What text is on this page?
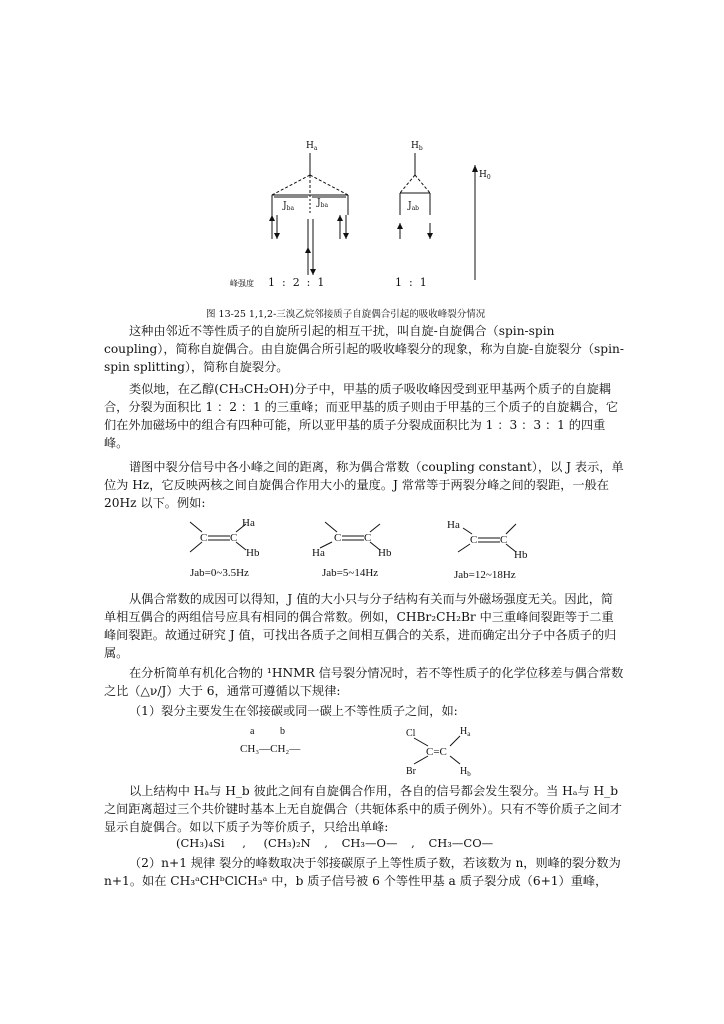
$H_a$	$H_b$
$H_0$
$J_{ba}$
$J_{ba}$	$J_{ab}$
峰强度 1  :  2  :  1	1  :  1
图 13-25 1,1,2-三溴乙烷邻接质子自旋偶合引起的吸收峰裂分情况
这种由邻近不等性质子的自旋所引起的相互干扰，叫自旋-自旋偶合（spin-spin coupling），简称自旋偶合。由自旋偶合所引起的吸收峰裂分的现象，称为自旋-自旋裂分（spin-spin splitting），简称自旋裂分。
类似地，在乙醇(CH₃CH₂OH)分子中，甲基的质子吸收峰因受到亚甲基两个质子的自旋耦合，分裂为面积比 1 ：2 ：1 的三重峰；而亚甲基的质子则由于甲基的三个质子的自旋耦合，它们在外加磁场中的组合有四种可能，所以亚甲基的质子分裂成面积比为 1 ：3 ：3 ：1 的四重峰。
谱图中裂分信号中各小峰之间的距离，称为偶合常数（coupling constant），以 J 表示，单位为 Hz，它反映两核之间自旋偶合作用大小的量度。J 常常等于两裂分峰之间的裂距，一般在 20Hz 以下。例如:
C C
Ha
Hb
Jab=0~3.5Hz
C C
Ha	Hb
Jab=5~14Hz
C C
Ha
Hb
Jab=12~18Hz
从偶合常数的成因可以得知，J 值的大小只与分子结构有关而与外磁场强度无关。因此，简单相互偶合的两组信号应具有相同的偶合常数。例如，CHBr₂CH₂Br 中三重峰间裂距等于二重峰间裂距。故通过研究 J 值，可找出各质子之间相互偶合的关系，进而确定出分子中各质子的归属。
在分析简单有机化合物的 ¹HNMR 信号裂分情况时，若不等性质子的化学位移差与偶合常数之比（△ν/J）大于 6，通常可遵循以下规律:
（1）裂分主要发生在邻接碳或同一碳上不等性质子之间，如:
a	b
CH₃—CH₂—
Cl
Br
C=C
$H_a$
$H_b$
以上结构中 Hₐ与 H_b 彼此之间有自旋偶合作用，各自的信号都会发生裂分。当 Hₐ与 H_b 之间距离超过三个共价键时基本上无自旋偶合（共轭体系中的质子例外）。只有不等价质子之间才显示自旋偶合。如以下质子为等价质子，只给出单峰:
(CH₃)₄Si , (CH₃)₂N , CH₃—O— , CH₃—CO—
（2）n+1 规律 裂分的峰数取决于邻接碳原子上等性质子数，若该数为 n，则峰的裂分数为 n+1。如在 CH₃ᵃCHᵇClCH₃ᵃ 中，b 质子信号被 6 个等性甲基 a 质子裂分成（6+1）重峰，
